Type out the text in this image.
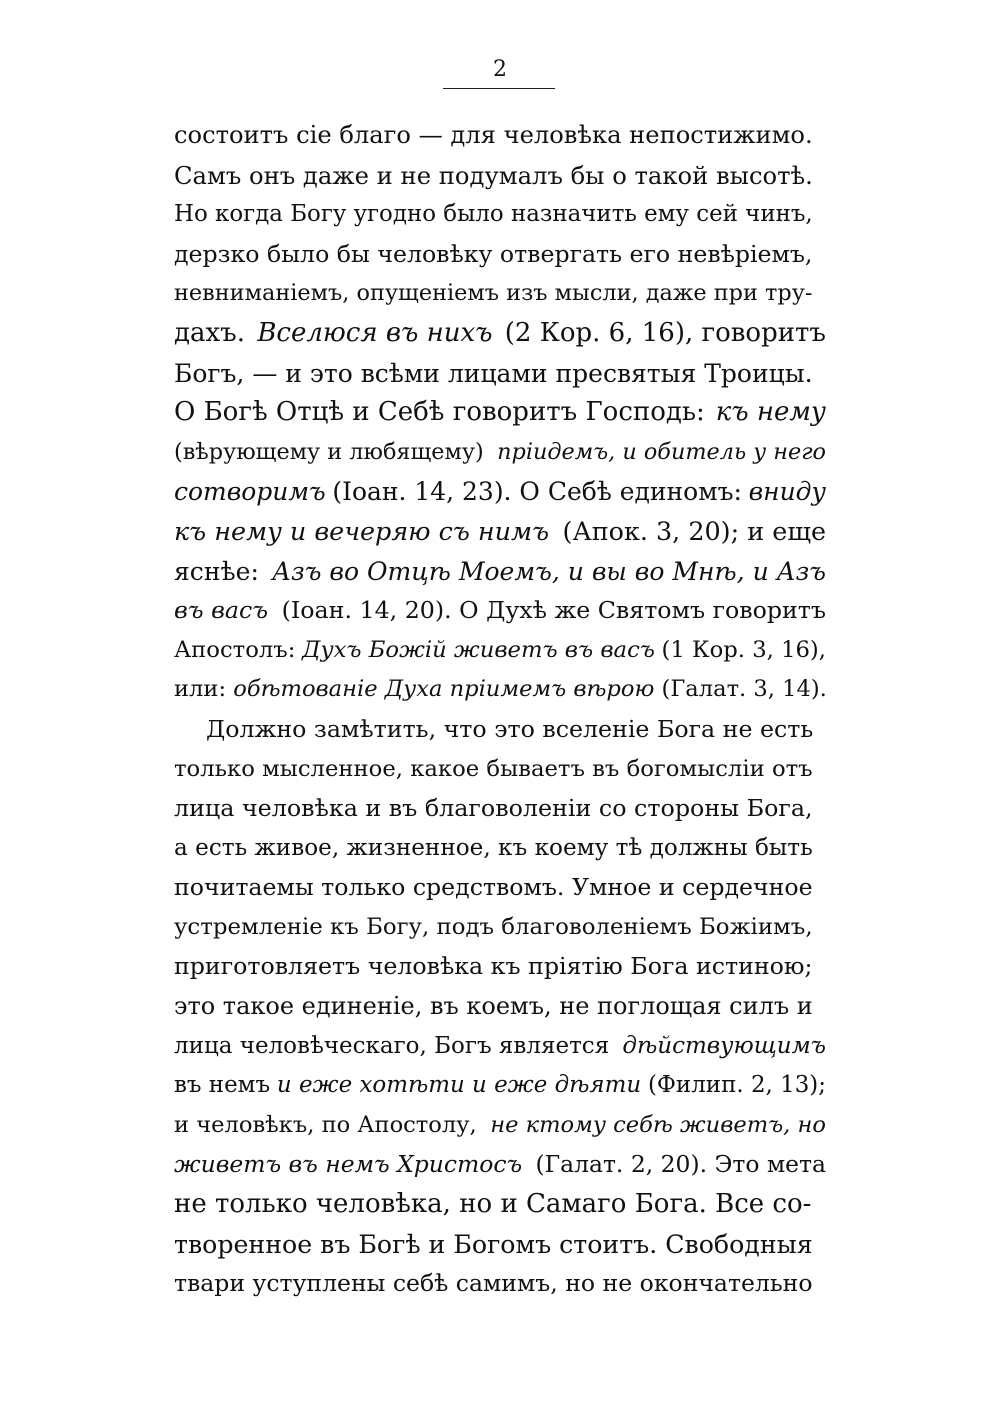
2
состоитъ сіе благо — для человѣка непостижимо.
Самъ онъ даже и не подумалъ бы о такой высотѣ.
Но когда Богу угодно было назначить ему сей чинъ,
дерзко было бы человѣку отвергать его невѣріемъ,
невниманіемъ, опущеніемъ изъ мысли, даже при тру-
дахъ. Вселюся въ нихъ (2 Кор. 6, 16), говоритъ
Богъ, — и это всѣми лицами пресвятыя Троицы.
О Богѣ Отцѣ и Себѣ говоритъ Господь: къ нему
(вѣрующему и любящему) пріидемъ, и обитель у него
сотворимъ (Іоан. 14, 23). О Себѣ единомъ: вниду
къ нему и вечеряю съ нимъ (Апок. 3, 20); и еще
яснѣе: Азъ во Отцѣ Моемъ, и вы во Мнѣ, и Азъ
въ васъ (Іоан. 14, 20). О Духѣ же Святомъ говоритъ
Апостолъ: Духъ Божій живетъ въ васъ (1 Кор. 3, 16),
или:
обѣтованіе Духа пріимемъ вѣрою
(Галат. 3, 14).
Должно замѣтить, что это вселеніе Бога не есть
только мысленное, какое бываетъ въ богомысліи отъ
лица человѣка и въ благоволеніи со стороны Бога,
а есть живое, жизненное, къ коему тѣ должны быть
почитаемы только средствомъ. Умное и сердечное
устремленіе къ Богу, подъ благоволеніемъ Божіимъ,
приготовляетъ человѣка къ пріятію Бога истиною;
это такое единеніе, въ коемъ, не поглощая силъ и
лица человѣческаго, Богъ является дѣйствующимъ
въ немъ и еже хотѣти и еже дѣяти (Филип. 2, 13);
и человѣкъ, по Апостолу, не ктому себѣ живетъ, но
живетъ въ немъ Христосъ (Галат. 2, 20). Это мета
не только человѣка, но и Самаго Бога. Все со-
творенное въ Богѣ и Богомъ стоитъ. Свободныя
твари уступлены себѣ самимъ, но не окончательно
